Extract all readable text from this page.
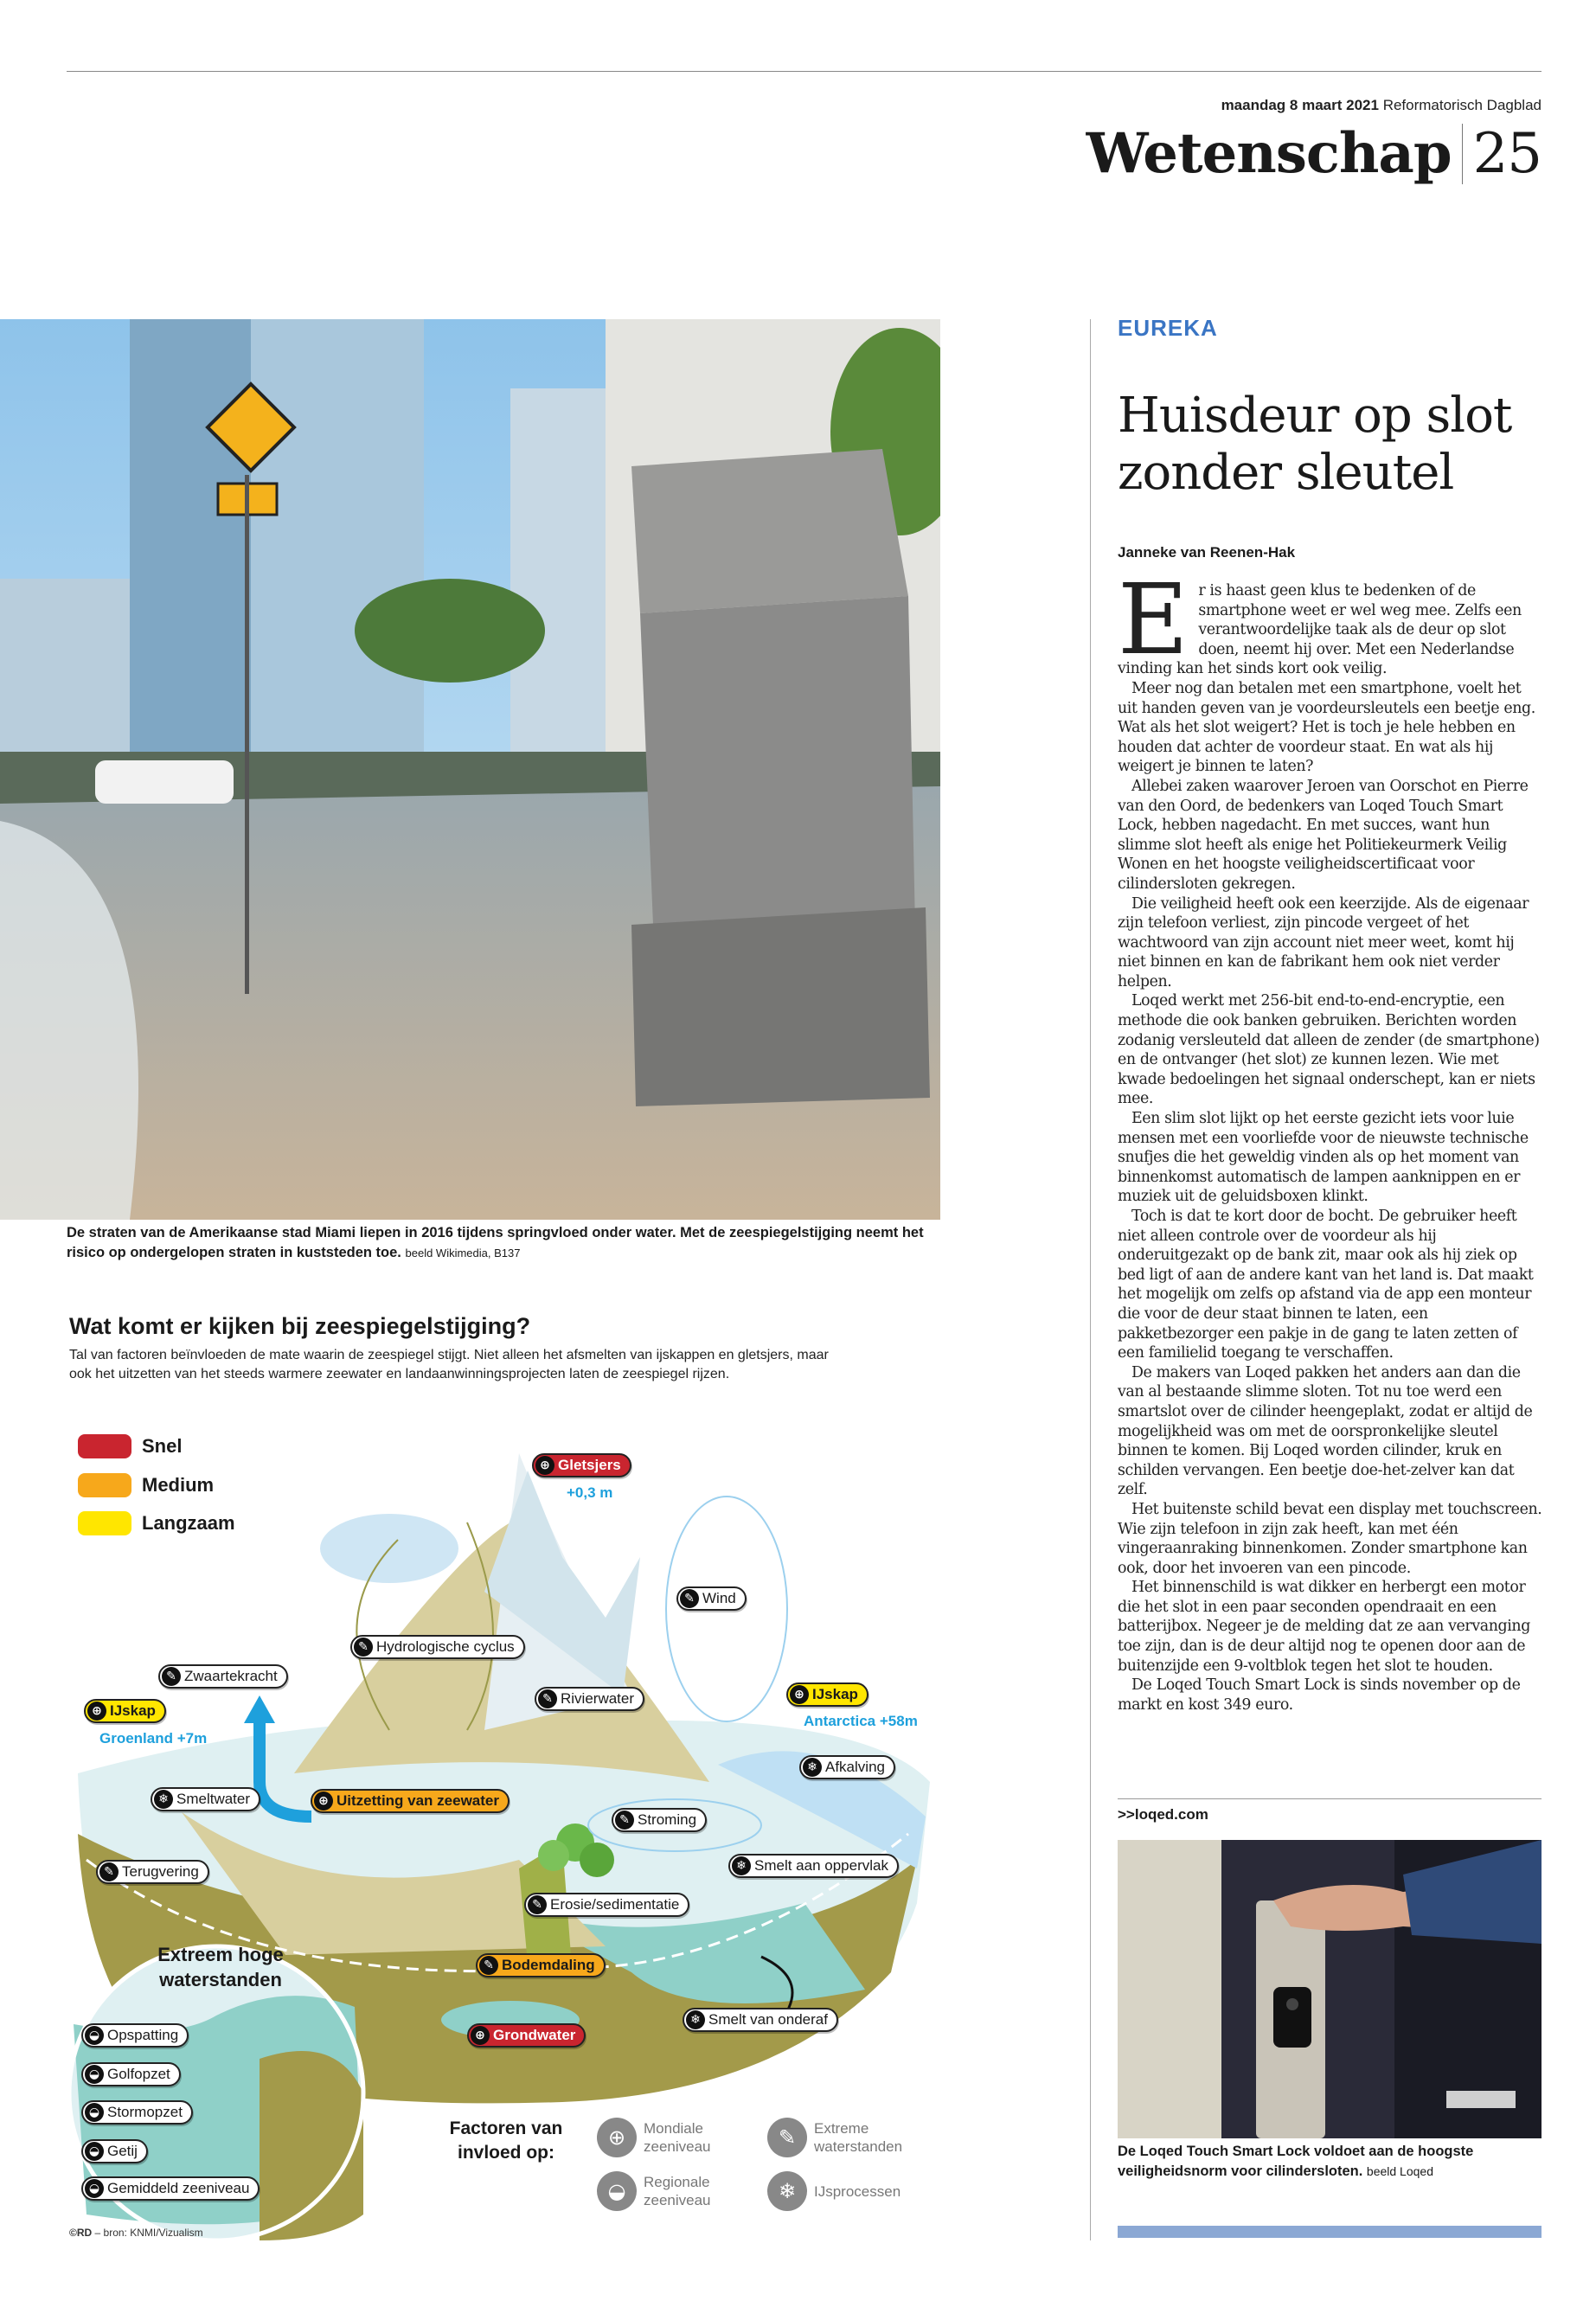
maandag 8 maart 2021 Reformatorisch Dagblad
Wetenschap 25
De straten van de Amerikaanse stad Miami liepen in 2016 tijdens springvloed onder water. Met de zeespiegelstijging neemt het risico op ondergelopen straten in kuststeden toe. beeld Wikimedia, B137
Wat komt er kijken bij zeespiegelstijging?
Tal van factoren beïnvloeden de mate waarin de zeespiegel stijgt. Niet alleen het afsmelten van ijskappen en gletsjers, maar ook het uitzetten van het steeds warmere zeewater en landaanwinningsprojecten laten de zeespiegel rijzen.
Snel
Medium
Langzaam
⊕
Gletsjers
+0,3 m
✎
Wind
✎
Hydrologische cyclus
✎
Zwaartekracht
✎
Rivierwater
⊕
IJskap
Groenland +7m
⊕
IJskap
Antarctica +58m
❄
Afkalving
❄
Smeltwater ⊕	Uitzetting van zeewater
✎
Stroming
✎
Terugvering ❄	Smelt aan oppervlak
✎
Erosie/sedimentatie
✎
Bodemdaling
❄
Smelt van onderaf
⊕
Grondwater
Extreem hoge
waterstanden
◒
Opspatting
◒
Golfopzet
◒
Stormopzet
◒
Getij
◒
Gemiddeld zeeniveau
Factoren van
invloed op:
⊕	Mondiale
zeeniveau
◒	Regionale
zeeniveau
✎	Extreme
waterstanden
❄	IJsprocessen
©RD – bron: KNMI/Vizualism
EUREKA
Huisdeur op slot zonder sleutel
Janneke van Reenen-Hak

Er is haast geen klus te bedenken of de smartphone weet er wel weg mee. Zelfs een verantwoordelijke taak als de deur op slot doen, neemt hij over. Met een Nederlandse vinding kan het sinds kort ook veilig.

Meer nog dan betalen met een smartphone, voelt het uit handen geven van je voordeursleutels een beetje eng. Wat als het slot weigert? Het is toch je hele hebben en houden dat achter de voordeur staat. En wat als hij weigert je binnen te laten?

Allebei zaken waarover Jeroen van Oorschot en Pierre van den Oord, de bedenkers van Loqed Touch Smart Lock, hebben nagedacht. En met succes, want hun slimme slot heeft als enige het Politiekeurmerk Veilig Wonen en het hoogste veiligheidscertificaat voor cilindersloten gekregen.

Die veiligheid heeft ook een keerzijde. Als de eigenaar zijn telefoon verliest, zijn pincode vergeet of het wachtwoord van zijn account niet meer weet, komt hij niet binnen en kan de fabrikant hem ook niet verder helpen.

Loqed werkt met 256-bit end-to-end-encryptie, een methode die ook banken gebruiken. Berichten worden zodanig versleuteld dat alleen de zender (de smartphone) en de ontvanger (het slot) ze kunnen lezen. Wie met kwade bedoelingen het signaal onderschept, kan er niets mee.

Een slim slot lijkt op het eerste gezicht iets voor luie mensen met een voorliefde voor de nieuwste technische snufjes die het geweldig vinden als op het moment van binnenkomst automatisch de lampen aanknippen en er muziek uit de geluidsboxen klinkt.

Toch is dat te kort door de bocht. De gebruiker heeft niet alleen controle over de voordeur als hij onderuitgezakt op de bank zit, maar ook als hij ziek op bed ligt of aan de andere kant van het land is. Dat maakt het mogelijk om zelfs op afstand via de app een monteur die voor de deur staat binnen te laten, een pakketbezorger een pakje in de gang te laten zetten of een familielid toegang te verschaffen.

De makers van Loqed pakken het anders aan dan die van al bestaande slimme sloten. Tot nu toe werd een smartslot over de cilinder heengeplakt, zodat er altijd de mogelijkheid was om met de oorspronkelijke sleutel binnen te komen. Bij Loqed worden cilinder, kruk en schilden vervangen. Een beetje doe-het-zelver kan dat zelf.

Het buitenste schild bevat een display met touchscreen. Wie zijn telefoon in zijn zak heeft, kan met één vingeraanraking binnenkomen. Zonder smartphone kan ook, door het invoeren van een pincode.

Het binnenschild is wat dikker en herbergt een motor die het slot in een paar seconden opendraait en een batterijbox. Negeer je de melding dat ze aan vervanging toe zijn, dan is de deur altijd nog te openen door aan de buitenzijde een 9-voltblok tegen het slot te houden.

De Loqed Touch Smart Lock is sinds november op de markt en kost 349 euro.

>>loqed.com
De Loqed Touch Smart Lock voldoet aan de hoogste veiligheidsnorm voor cilindersloten. beeld Loqed
